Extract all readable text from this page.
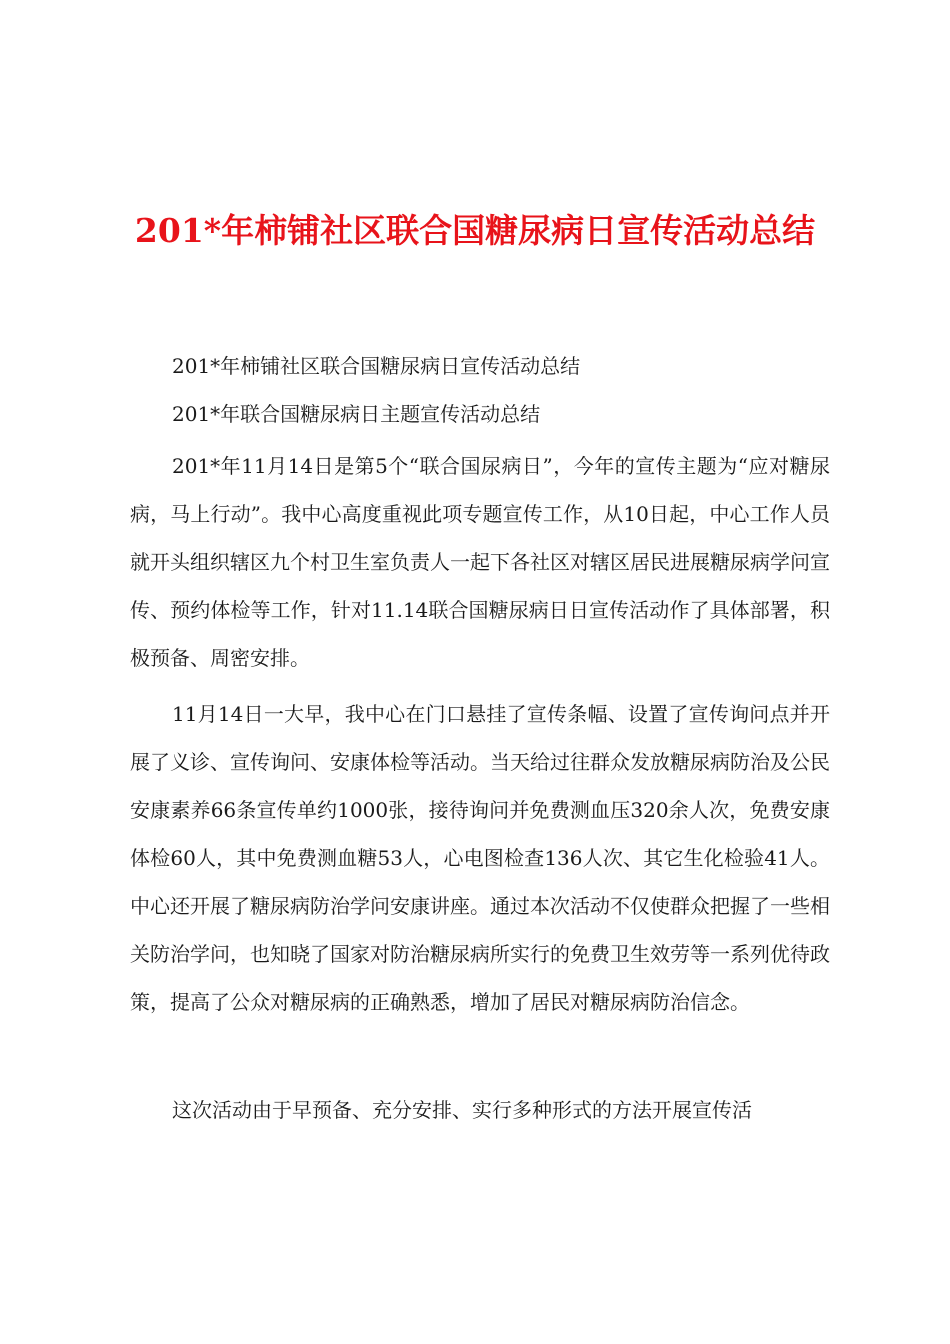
201*年柿铺社区联合国糖尿病日宣传活动总结

201*年柿铺社区联合国糖尿病日宣传活动总结

201*年联合国糖尿病日主题宣传活动总结

201*年11月14日是第5个“联合国尿病日”，今年的宣传主题为“应对糖尿病，马上行动”。我中心高度重视此项专题宣传工作，从10日起，中心工作人员就开头组织辖区九个村卫生室负责人一起下各社区对辖区居民进展糖尿病学问宣传、预约体检等工作，针对11.14联合国糖尿病日日宣传活动作了具体部署，积极预备、周密安排。

11月14日一大早，我中心在门口悬挂了宣传条幅、设置了宣传询问点并开展了义诊、宣传询问、安康体检等活动。当天给过往群众发放糖尿病防治及公民安康素养66条宣传单约1000张，接待询问并免费测血压320余人次，免费安康体检60人，其中免费测血糖53人，心电图检查136人次、其它生化检验41人。中心还开展了糖尿病防治学问安康讲座。通过本次活动不仅使群众把握了一些相关防治学问，也知晓了国家对防治糖尿病所实行的免费卫生效劳等一系列优待政策，提高了公众对糖尿病的正确熟悉，增加了居民对糖尿病防治信念。

这次活动由于早预备、充分安排、实行多种形式的方法开展宣传活
